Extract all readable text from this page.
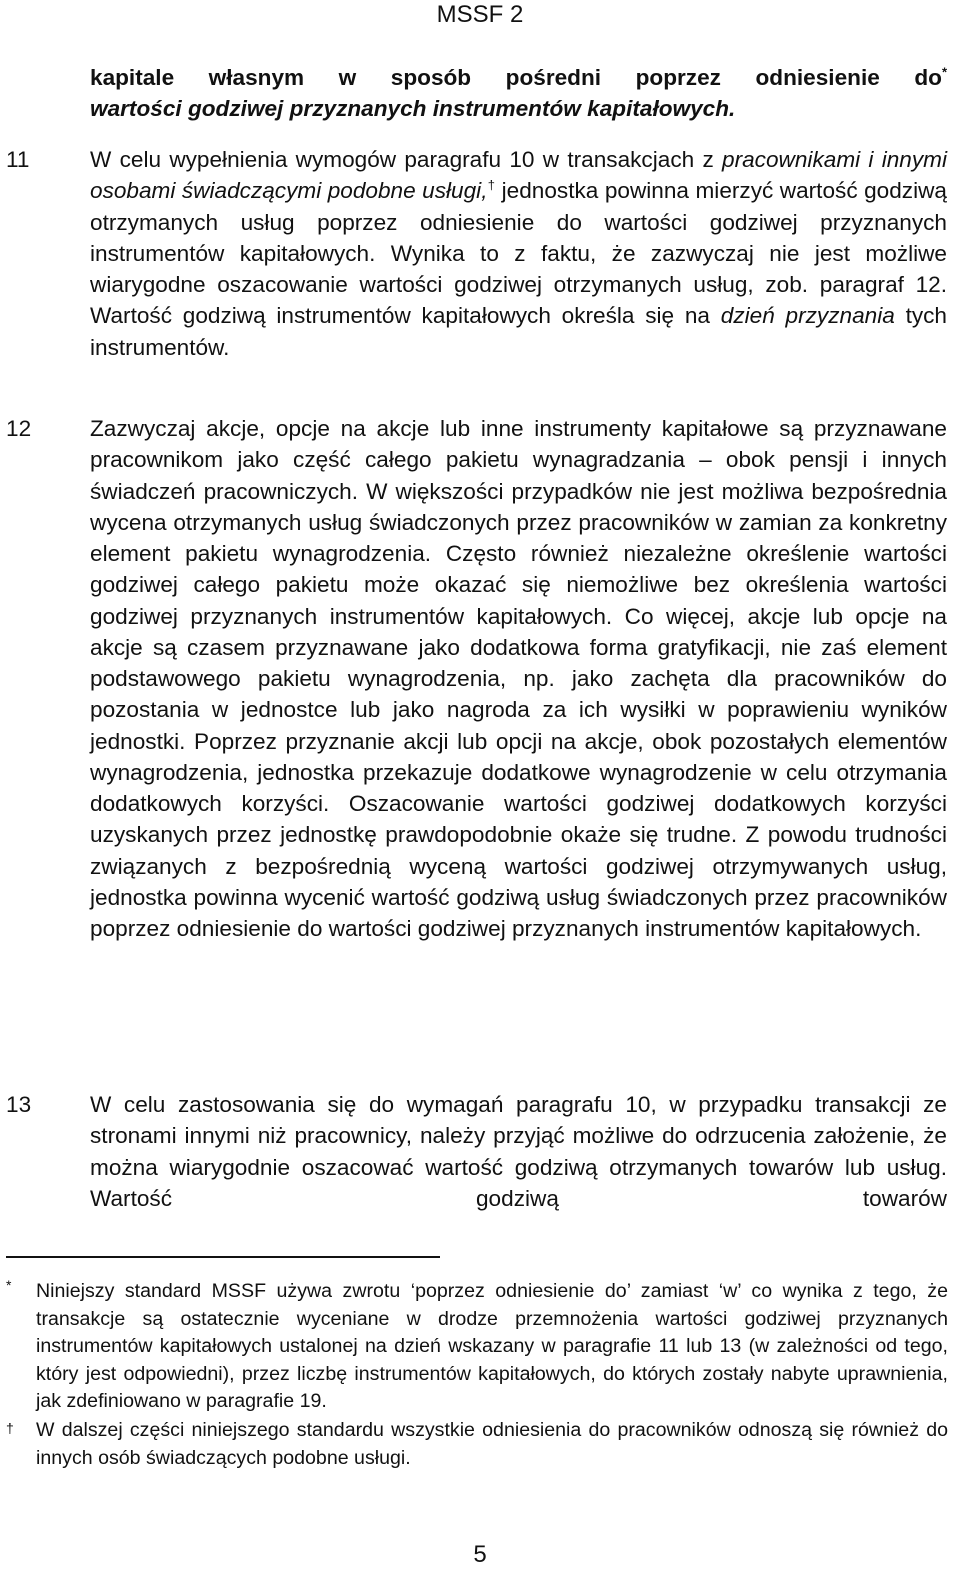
MSSF 2
kapitale własnym w sposób pośredni poprzez odniesienie do*
wartości godziwej przyznanych instrumentów kapitałowych.
11	W celu wypełnienia wymogów paragrafu 10 w transakcjach z pracownikami i innymi osobami świadczącymi podobne usługi,† jednostka powinna mierzyć wartość godziwą otrzymanych usług poprzez odniesienie do wartości godziwej przyznanych instrumentów kapitałowych. Wynika to z faktu, że zazwyczaj nie jest możliwe wiarygodne oszacowanie wartości godziwej otrzymanych usług, zob. paragraf 12. Wartość godziwą instrumentów kapitałowych określa się na dzień przyznania tych instrumentów.
12	Zazwyczaj akcje, opcje na akcje lub inne instrumenty kapitałowe są przyznawane pracownikom jako część całego pakietu wynagradzania – obok pensji i innych świadczeń pracowniczych. W większości przypadków nie jest możliwa bezpośrednia wycena otrzymanych usług świadczonych przez pracowników w zamian za konkretny element pakietu wynagrodzenia. Często również niezależne określenie wartości godziwej całego pakietu może okazać się niemożliwe bez określenia wartości godziwej przyznanych instrumentów kapitałowych. Co więcej, akcje lub opcje na akcje są czasem przyznawane jako dodatkowa forma gratyfikacji, nie zaś element podstawowego pakietu wynagrodzenia, np. jako zachęta dla pracowników do pozostania w jednostce lub jako nagroda za ich wysiłki w poprawieniu wyników jednostki. Poprzez przyznanie akcji lub opcji na akcje, obok pozostałych elementów wynagrodzenia, jednostka przekazuje dodatkowe wynagrodzenie w celu otrzymania dodatkowych korzyści. Oszacowanie wartości godziwej dodatkowych korzyści uzyskanych przez jednostkę prawdopodobnie okaże się trudne. Z powodu trudności związanych z bezpośrednią wyceną wartości godziwej otrzymywanych usług, jednostka powinna wycenić wartość godziwą usług świadczonych przez pracowników poprzez odniesienie do wartości godziwej przyznanych instrumentów kapitałowych.
13	W celu zastosowania się do wymagań paragrafu 10, w przypadku transakcji ze stronami innymi niż pracownicy, należy przyjąć możliwe do odrzucenia założenie, że można wiarygodnie oszacować wartość godziwą otrzymanych towarów lub usług. Wartość godziwą towarów
* Niniejszy standard MSSF używa zwrotu ‘poprzez odniesienie do’ zamiast ‘w’ co wynika z tego, że transakcje są ostatecznie wyceniane w drodze przemnożenia wartości godziwej przyznanych instrumentów kapitałowych ustalonej na dzień wskazany w paragrafie 11 lub 13 (w zależności od tego, który jest odpowiedni), przez liczbę instrumentów kapitałowych, do których zostały nabyte uprawnienia, jak zdefiniowano w paragrafie 19.
† W dalszej części niniejszego standardu wszystkie odniesienia do pracowników odnoszą się również do innych osób świadczących podobne usługi.
5
